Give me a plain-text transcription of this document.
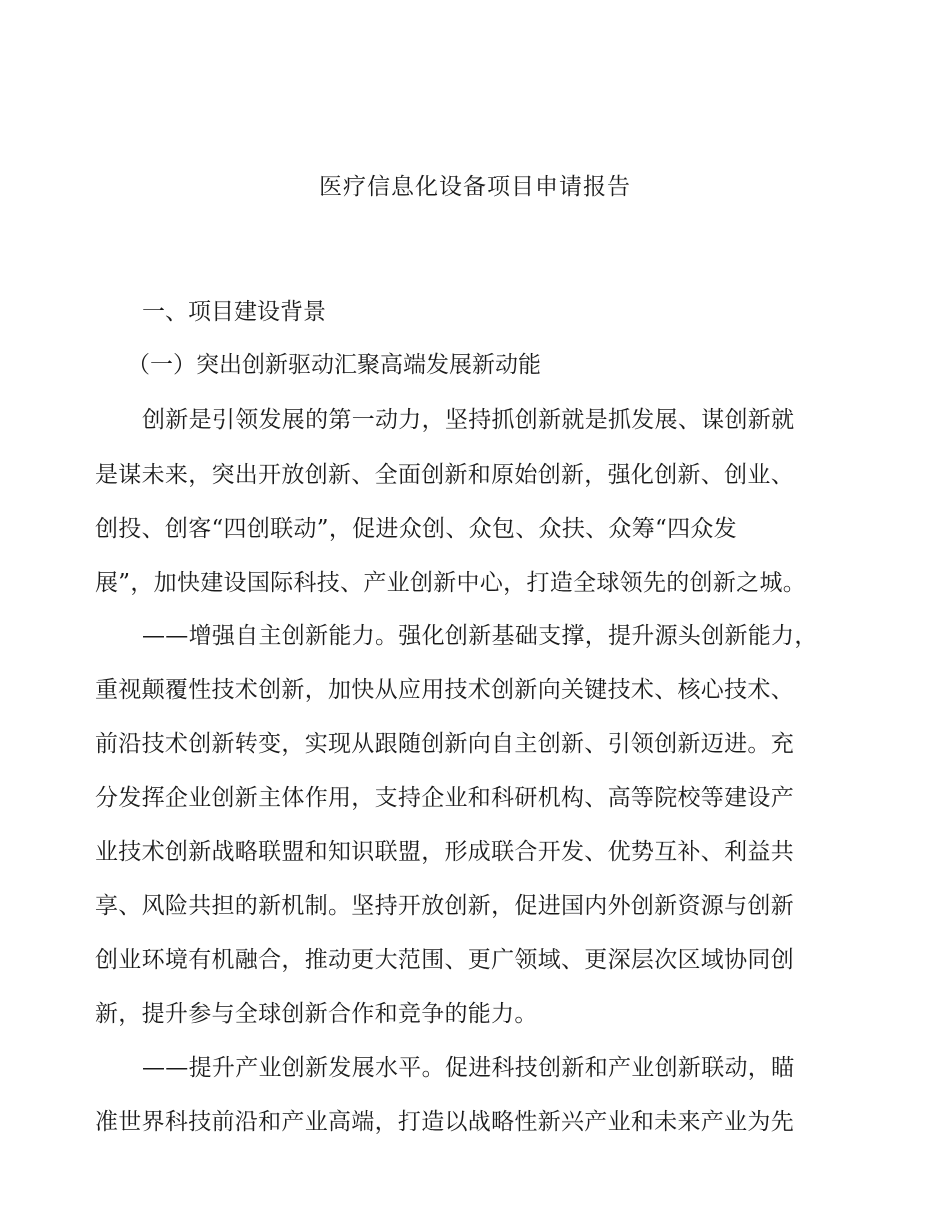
医疗信息化设备项目申请报告
一、项目建设背景
（一）突出创新驱动汇聚高端发展新动能
创新是引领发展的第一动力，坚持抓创新就是抓发展、谋创新就
是谋未来，突出开放创新、全面创新和原始创新，强化创新、创业、
创投、创客“四创联动”，促进众创、众包、众扶、众筹“四众发
展”，加快建设国际科技、产业创新中心，打造全球领先的创新之城。
——增强自主创新能力。强化创新基础支撑，提升源头创新能力，
重视颠覆性技术创新，加快从应用技术创新向关键技术、核心技术、
前沿技术创新转变，实现从跟随创新向自主创新、引领创新迈进。充
分发挥企业创新主体作用，支持企业和科研机构、高等院校等建设产
业技术创新战略联盟和知识联盟，形成联合开发、优势互补、利益共
享、风险共担的新机制。坚持开放创新，促进国内外创新资源与创新
创业环境有机融合，推动更大范围、更广领域、更深层次区域协同创
新，提升参与全球创新合作和竞争的能力。
——提升产业创新发展水平。促进科技创新和产业创新联动，瞄
准世界科技前沿和产业高端，打造以战略性新兴产业和未来产业为先
